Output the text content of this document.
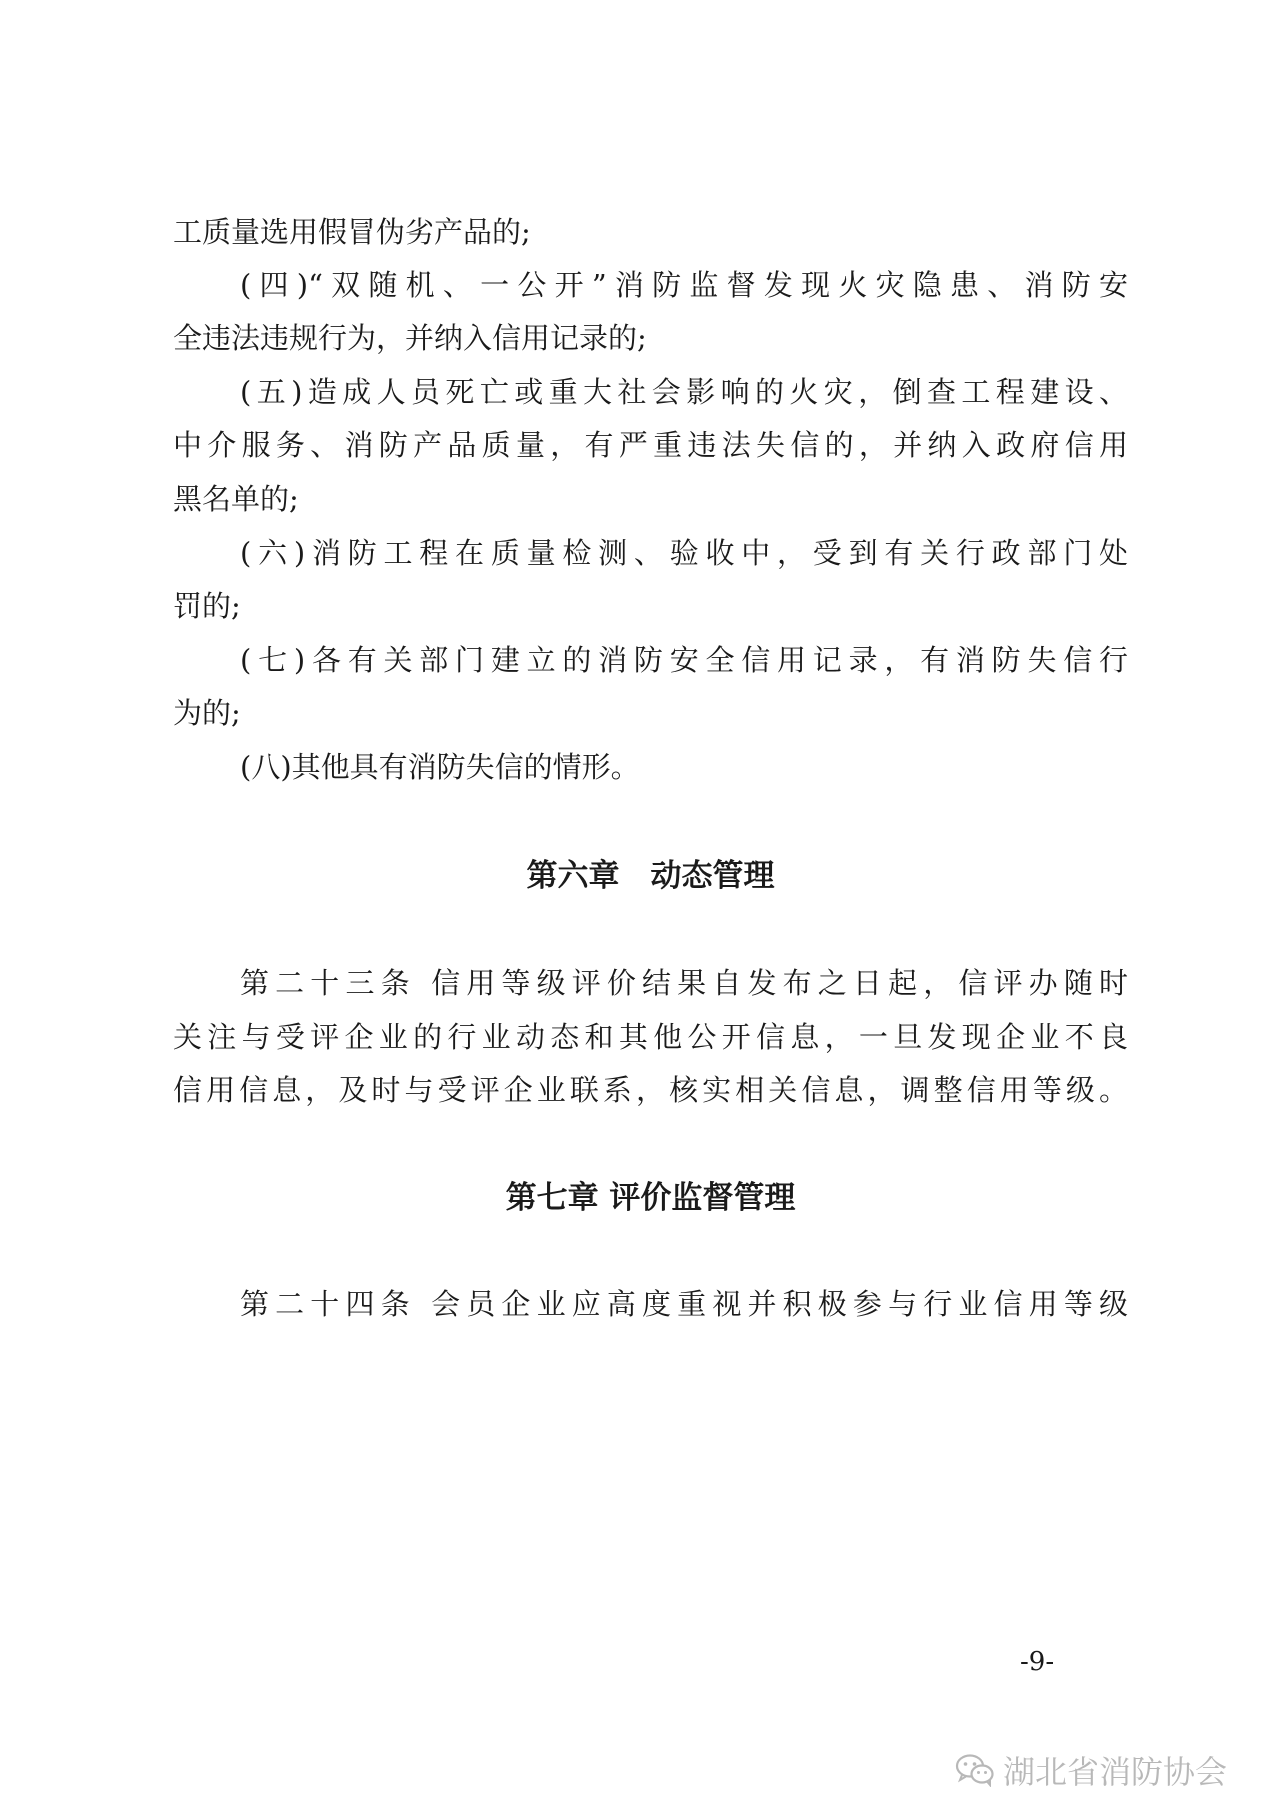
工质量选用假冒伪劣产品的;
(四)“双随机、一公开”消防监督发现火灾隐患、消防安
全违法违规行为，并纳入信用记录的;
(五)造成人员死亡或重大社会影响的火灾，倒查工程建设、
中介服务、消防产品质量，有严重违法失信的，并纳入政府信用
黑名单的;
(六)消防工程在质量检测、验收中，受到有关行政部门处
罚的;
(七)各有关部门建立的消防安全信用记录，有消防失信行
为的;
(八)其他具有消防失信的情形。
第六章　动态管理
第二十三条 信用等级评价结果自发布之日起，信评办随时
关注与受评企业的行业动态和其他公开信息，一旦发现企业不良
信用信息，及时与受评企业联系，核实相关信息，调整信用等级。
第七章 评价监督管理
第二十四条 会员企业应高度重视并积极参与行业信用等级
-9-
湖北省消防协会
